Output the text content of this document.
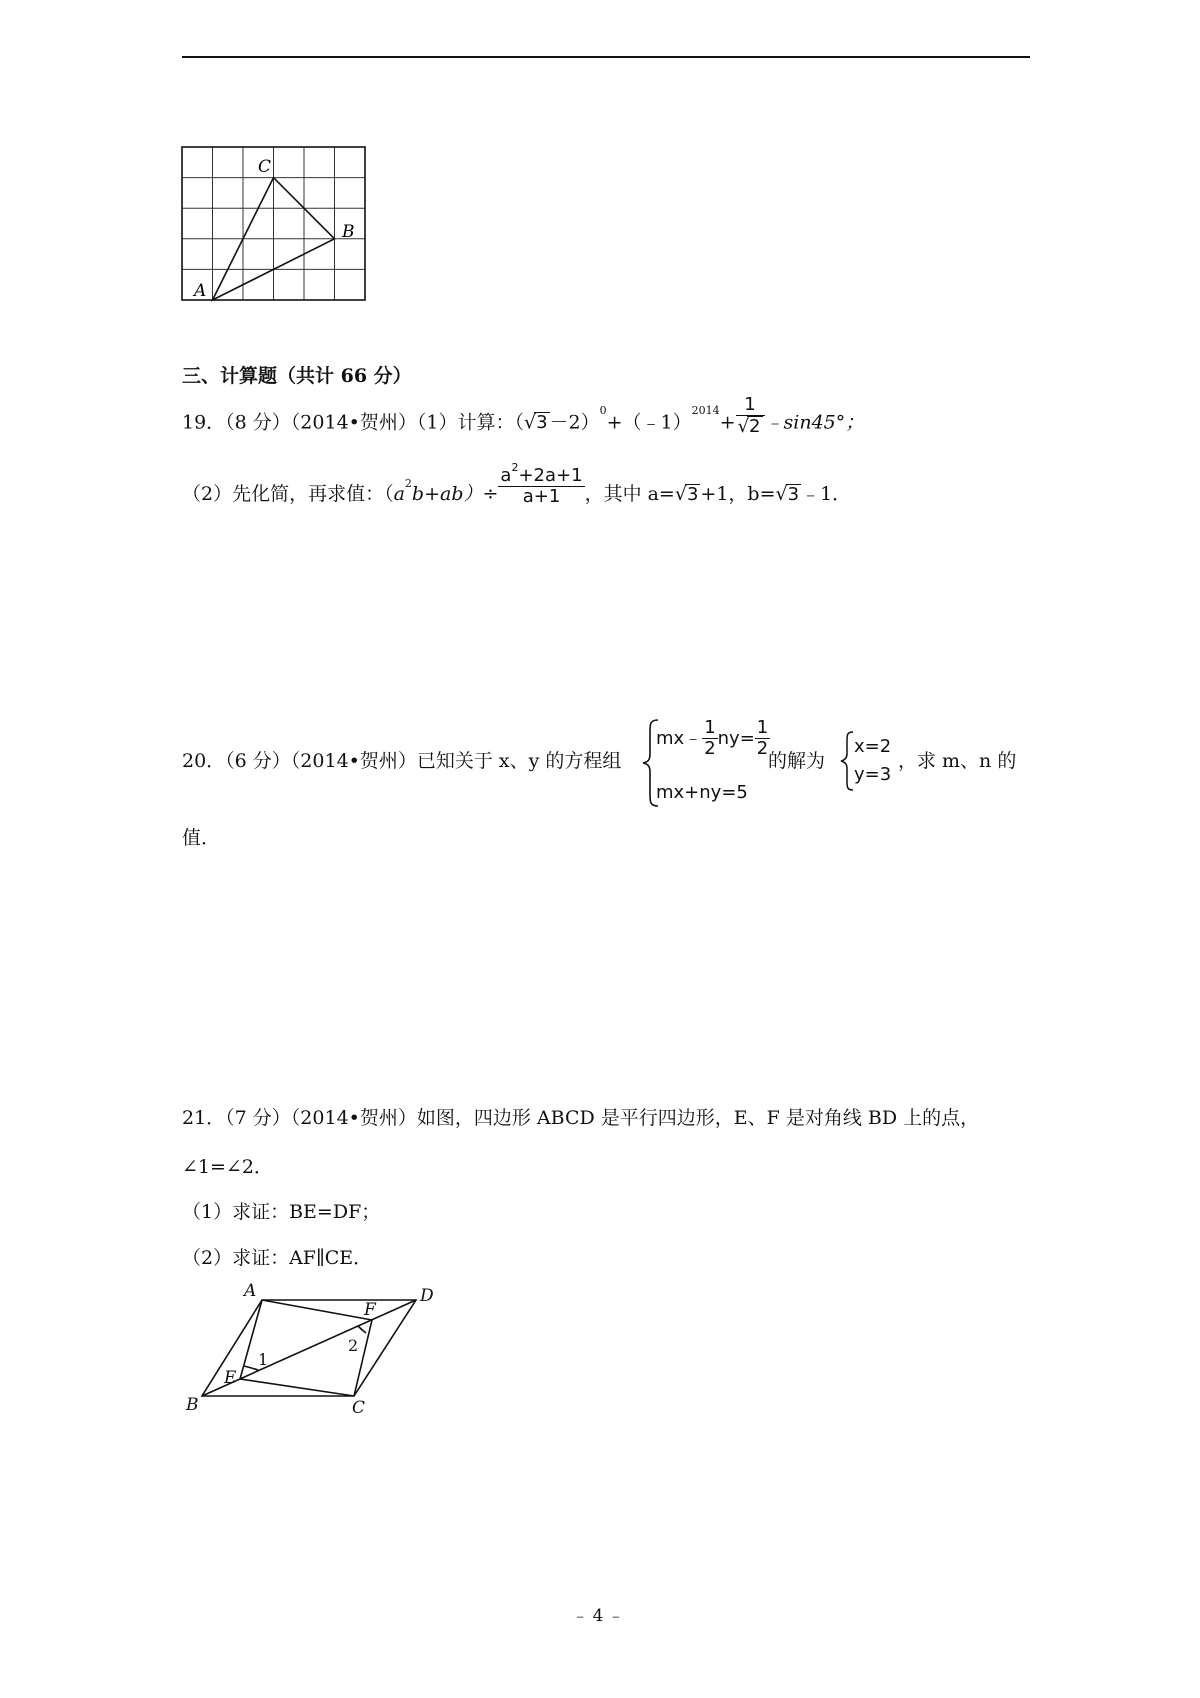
A
C
B
三、计算题（共计 66 分）
19．（8 分）（2014•贺州）（1）计算：$(√3 -2)^0+(﹣1)^{2014}+ \frac{1}{√2}$ ﹣sin45°；
（2）先化简，再求值：$(a^2b+ab)\div \frac{a^2+2a+1}{a+1}$ ，其中 a=√3 +1，b=√3 ﹣1．
20．（6 分）（2014•贺州）已知关于 x、y 的方程组
mx﹣ $\frac{1}{2} ny= \frac{1}{2}$
mx+ny=5
的解为
x=2
y=3
，求 m、n 的
值．
21．（7 分）（2014•贺州）如图，四边形 ABCD 是平行四边形，E、F 是对角线 BD 上的点，
∠1=∠2．
（1）求证：BE=DF；
（2）求证：AF∥CE．
A	D
F
E
B	C
1
2
﹣4﹣
